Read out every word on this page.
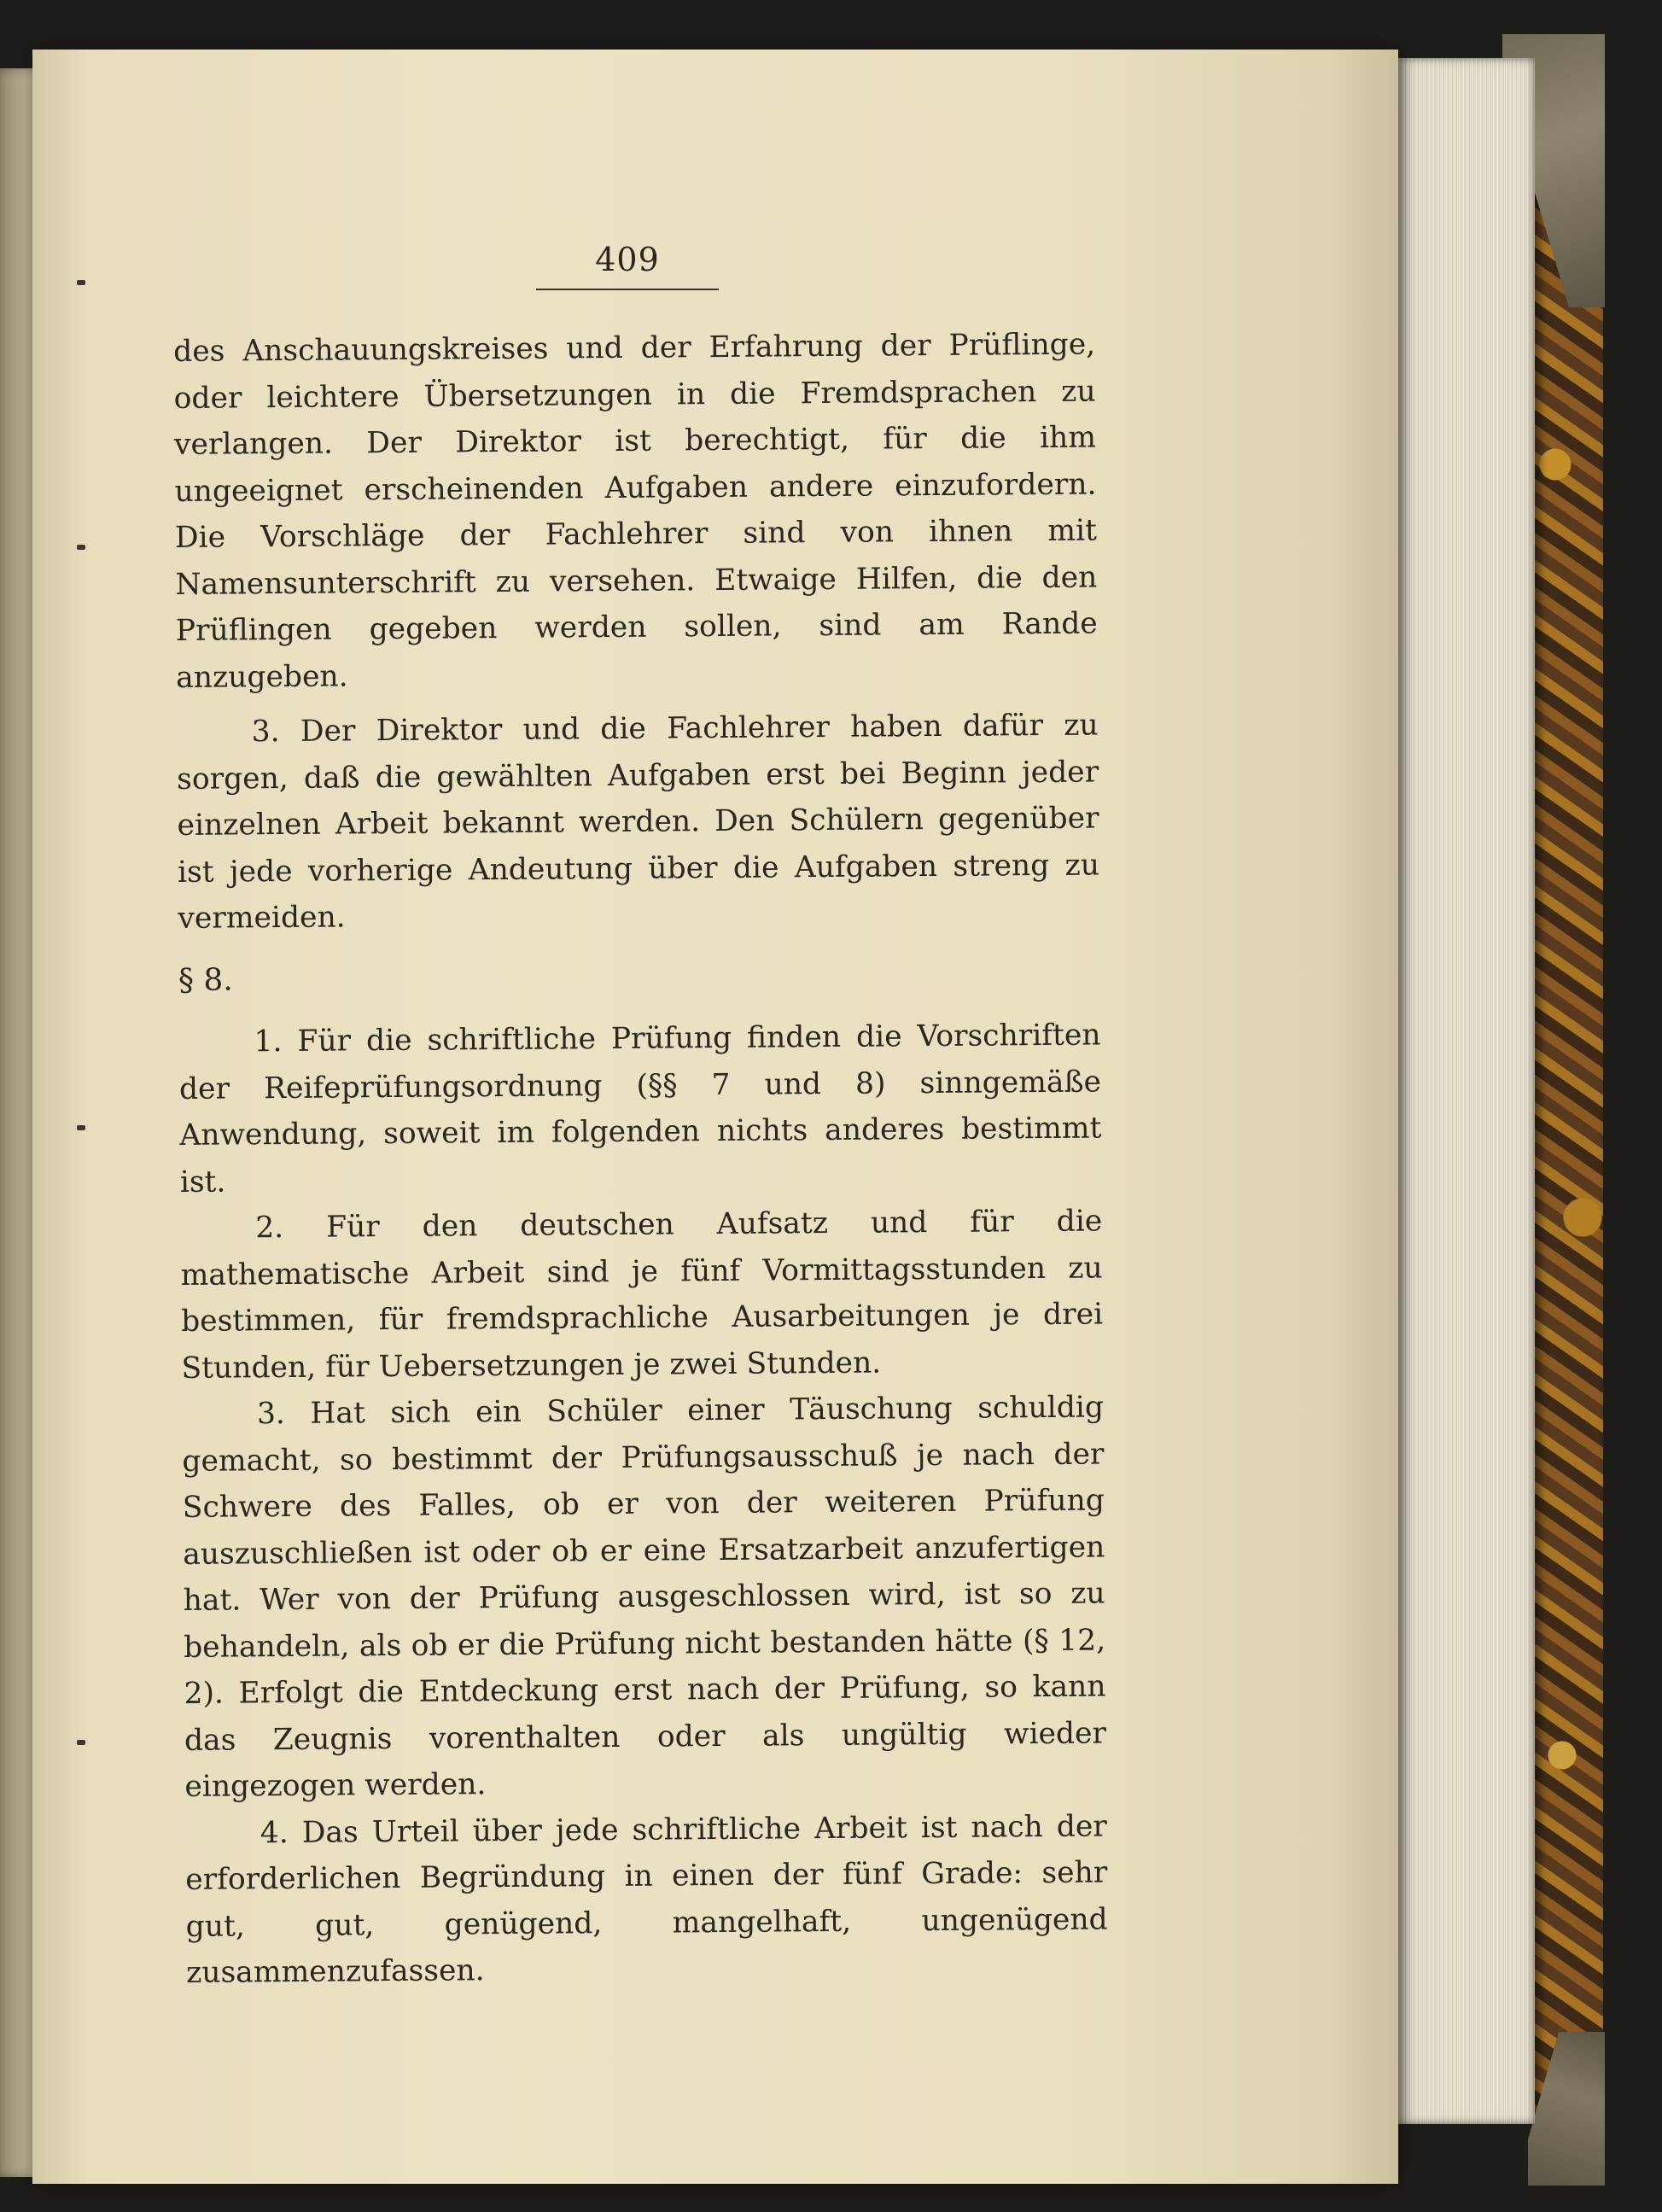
409

des Anschauungskreises und der Erfahrung der Prüflinge, oder leichtere Übersetzungen in die Fremdsprachen zu verlangen. Der Direktor ist berechtigt, für die ihm ungeeignet erscheinenden Aufgaben andere einzufordern. Die Vorschläge der Fachlehrer sind von ihnen mit Namensunterschrift zu versehen. Etwaige Hilfen, die den Prüflingen gegeben werden sollen, sind am Rande anzugeben.

3. Der Direktor und die Fachlehrer haben dafür zu sorgen, daß die gewählten Aufgaben erst bei Beginn jeder einzelnen Arbeit bekannt werden. Den Schülern gegenüber ist jede vorherige Andeutung über die Aufgaben streng zu vermeiden.

§ 8.

1. Für die schriftliche Prüfung finden die Vorschriften der Reifeprüfungsordnung (§§ 7 und 8) sinngemäße Anwendung, soweit im folgenden nichts anderes bestimmt ist.

2. Für den deutschen Aufsatz und für die mathematische Arbeit sind je fünf Vormittagsstunden zu bestimmen, für fremdsprachliche Ausarbeitungen je drei Stunden, für Uebersetzungen je zwei Stunden.

3. Hat sich ein Schüler einer Täuschung schuldig gemacht, so bestimmt der Prüfungsausschuß je nach der Schwere des Falles, ob er von der weiteren Prüfung auszuschließen ist oder ob er eine Ersatzarbeit anzufertigen hat. Wer von der Prüfung ausgeschlossen wird, ist so zu behandeln, als ob er die Prüfung nicht bestanden hätte (§ 12, 2). Erfolgt die Entdeckung erst nach der Prüfung, so kann das Zeugnis vorenthalten oder als ungültig wieder eingezogen werden.

4. Das Urteil über jede schriftliche Arbeit ist nach der erforderlichen Begründung in einen der fünf Grade: sehr gut, gut, genügend, mangelhaft, ungenügend zusammenzufassen.
